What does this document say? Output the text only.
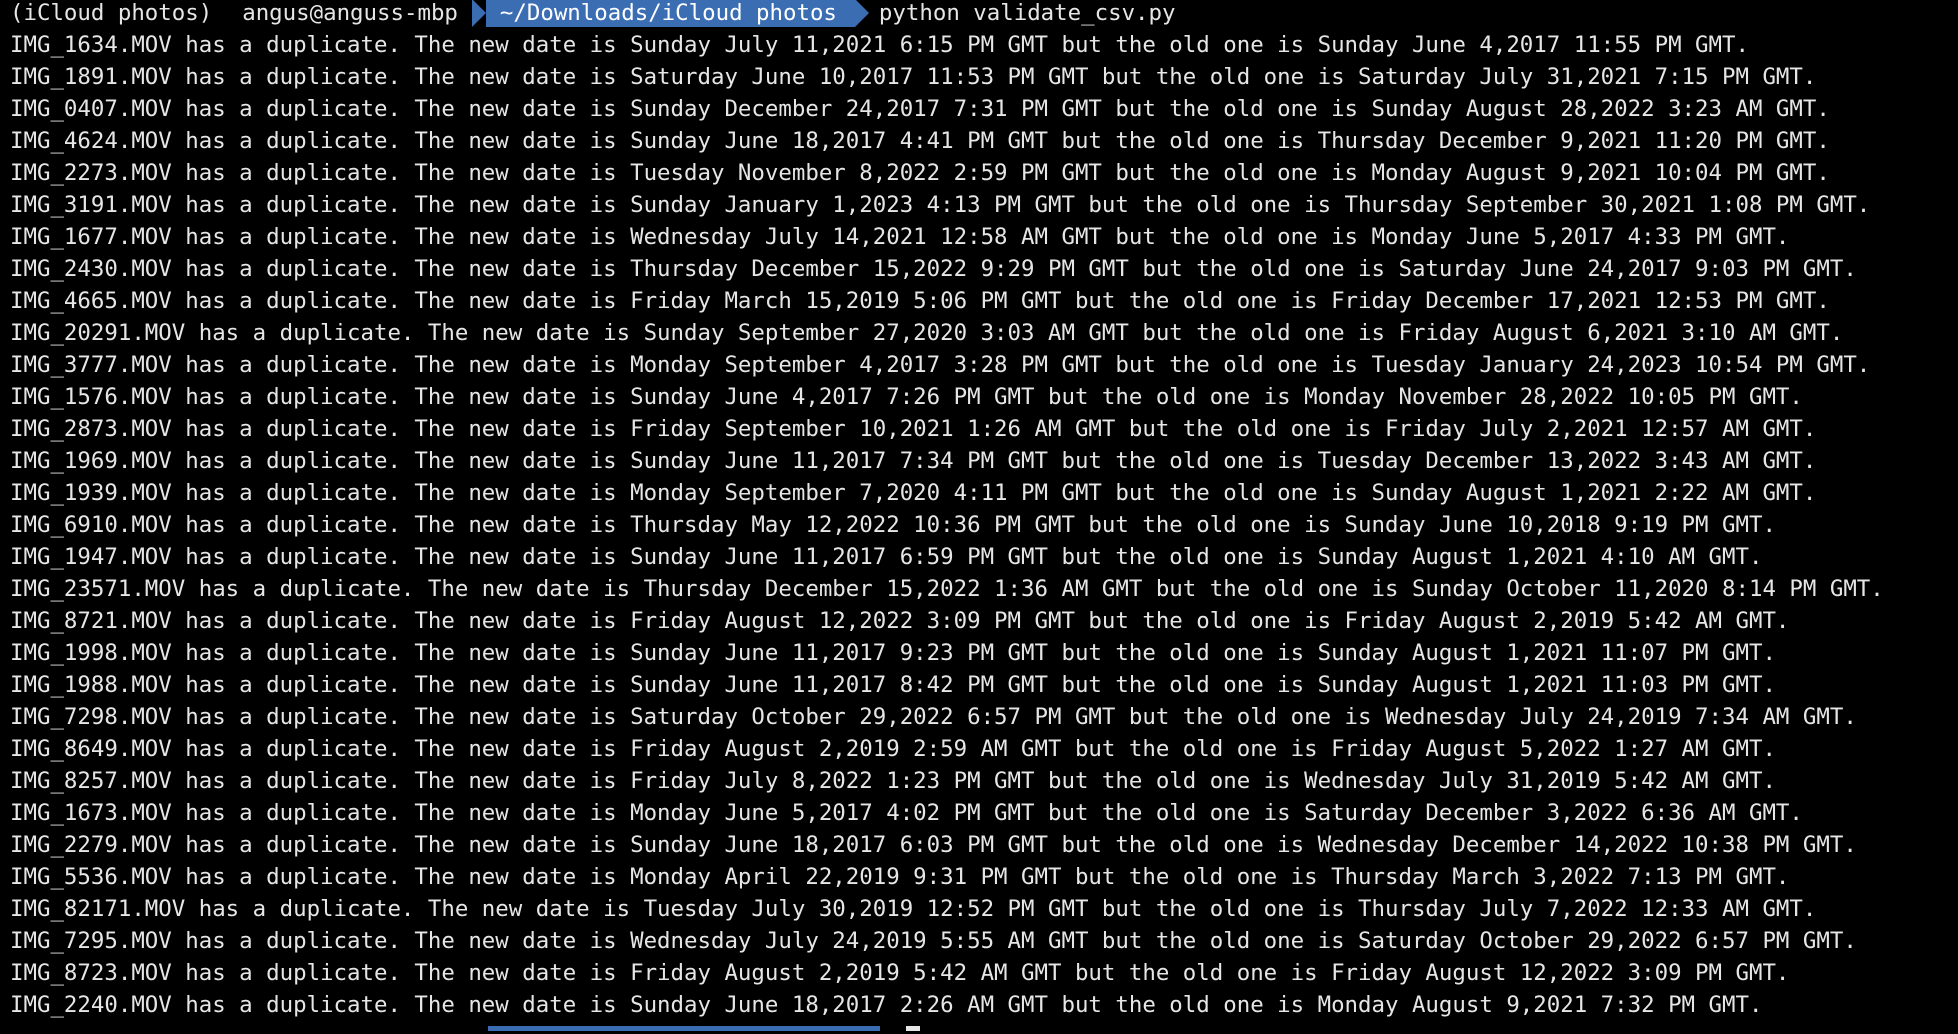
(iCloud photos) angus@anguss-mbp	~/Downloads/iCloud photos	python validate_csv.py
IMG_1634.MOV has a duplicate. The new date is Sunday July 11,2021 6:15 PM GMT but the old one is Sunday June 4,2017 11:55 PM GMT.
IMG_1891.MOV has a duplicate. The new date is Saturday June 10,2017 11:53 PM GMT but the old one is Saturday July 31,2021 7:15 PM GMT.
IMG_0407.MOV has a duplicate. The new date is Sunday December 24,2017 7:31 PM GMT but the old one is Sunday August 28,2022 3:23 AM GMT.
IMG_4624.MOV has a duplicate. The new date is Sunday June 18,2017 4:41 PM GMT but the old one is Thursday December 9,2021 11:20 PM GMT.
IMG_2273.MOV has a duplicate. The new date is Tuesday November 8,2022 2:59 PM GMT but the old one is Monday August 9,2021 10:04 PM GMT.
IMG_3191.MOV has a duplicate. The new date is Sunday January 1,2023 4:13 PM GMT but the old one is Thursday September 30,2021 1:08 PM GMT.
IMG_1677.MOV has a duplicate. The new date is Wednesday July 14,2021 12:58 AM GMT but the old one is Monday June 5,2017 4:33 PM GMT.
IMG_2430.MOV has a duplicate. The new date is Thursday December 15,2022 9:29 PM GMT but the old one is Saturday June 24,2017 9:03 PM GMT.
IMG_4665.MOV has a duplicate. The new date is Friday March 15,2019 5:06 PM GMT but the old one is Friday December 17,2021 12:53 PM GMT.
IMG_20291.MOV has a duplicate. The new date is Sunday September 27,2020 3:03 AM GMT but the old one is Friday August 6,2021 3:10 AM GMT.
IMG_3777.MOV has a duplicate. The new date is Monday September 4,2017 3:28 PM GMT but the old one is Tuesday January 24,2023 10:54 PM GMT.
IMG_1576.MOV has a duplicate. The new date is Sunday June 4,2017 7:26 PM GMT but the old one is Monday November 28,2022 10:05 PM GMT.
IMG_2873.MOV has a duplicate. The new date is Friday September 10,2021 1:26 AM GMT but the old one is Friday July 2,2021 12:57 AM GMT.
IMG_1969.MOV has a duplicate. The new date is Sunday June 11,2017 7:34 PM GMT but the old one is Tuesday December 13,2022 3:43 AM GMT.
IMG_1939.MOV has a duplicate. The new date is Monday September 7,2020 4:11 PM GMT but the old one is Sunday August 1,2021 2:22 AM GMT.
IMG_6910.MOV has a duplicate. The new date is Thursday May 12,2022 10:36 PM GMT but the old one is Sunday June 10,2018 9:19 PM GMT.
IMG_1947.MOV has a duplicate. The new date is Sunday June 11,2017 6:59 PM GMT but the old one is Sunday August 1,2021 4:10 AM GMT.
IMG_23571.MOV has a duplicate. The new date is Thursday December 15,2022 1:36 AM GMT but the old one is Sunday October 11,2020 8:14 PM GMT.
IMG_8721.MOV has a duplicate. The new date is Friday August 12,2022 3:09 PM GMT but the old one is Friday August 2,2019 5:42 AM GMT.
IMG_1998.MOV has a duplicate. The new date is Sunday June 11,2017 9:23 PM GMT but the old one is Sunday August 1,2021 11:07 PM GMT.
IMG_1988.MOV has a duplicate. The new date is Sunday June 11,2017 8:42 PM GMT but the old one is Sunday August 1,2021 11:03 PM GMT.
IMG_7298.MOV has a duplicate. The new date is Saturday October 29,2022 6:57 PM GMT but the old one is Wednesday July 24,2019 7:34 AM GMT.
IMG_8649.MOV has a duplicate. The new date is Friday August 2,2019 2:59 AM GMT but the old one is Friday August 5,2022 1:27 AM GMT.
IMG_8257.MOV has a duplicate. The new date is Friday July 8,2022 1:23 PM GMT but the old one is Wednesday July 31,2019 5:42 AM GMT.
IMG_1673.MOV has a duplicate. The new date is Monday June 5,2017 4:02 PM GMT but the old one is Saturday December 3,2022 6:36 AM GMT.
IMG_2279.MOV has a duplicate. The new date is Sunday June 18,2017 6:03 PM GMT but the old one is Wednesday December 14,2022 10:38 PM GMT.
IMG_5536.MOV has a duplicate. The new date is Monday April 22,2019 9:31 PM GMT but the old one is Thursday March 3,2022 7:13 PM GMT.
IMG_82171.MOV has a duplicate. The new date is Tuesday July 30,2019 12:52 PM GMT but the old one is Thursday July 7,2022 12:33 AM GMT.
IMG_7295.MOV has a duplicate. The new date is Wednesday July 24,2019 5:55 AM GMT but the old one is Saturday October 29,2022 6:57 PM GMT.
IMG_8723.MOV has a duplicate. The new date is Friday August 2,2019 5:42 AM GMT but the old one is Friday August 12,2022 3:09 PM GMT.
IMG_2240.MOV has a duplicate. The new date is Sunday June 18,2017 2:26 AM GMT but the old one is Monday August 9,2021 7:32 PM GMT.
